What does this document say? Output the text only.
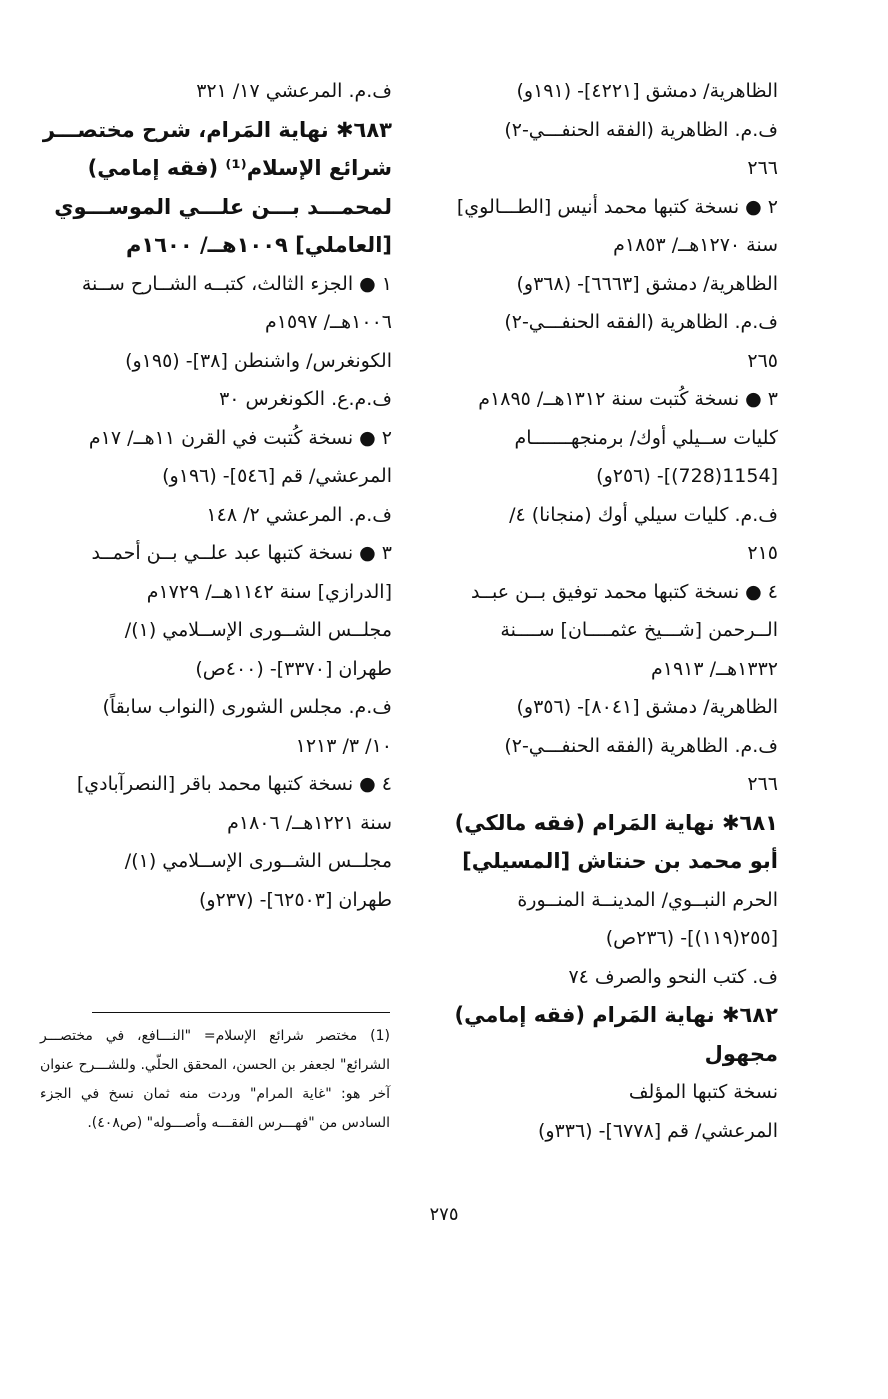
الظاهرية/ دمشق [٤٢٢١]- (١٩١و)
ف.م. الظاهرية (الفقه الحنفـــي-٢)
٢٦٦
٢ ● نسخة كتبها محمد أنيس [الطـــالوي]
سنة ١٢٧٠هــ/ ١٨٥٣م
الظاهرية/ دمشق [٦٦٦٣]- (٣٦٨و)
ف.م. الظاهرية (الفقه الحنفـــي-٢)
٢٦٥
٣ ● نسخة كُتبت سنة ١٣١٢هــ/ ١٨٩٥م
كليات ســيلي أوك/ برمنجهـــــــام
[1154(728)]- (٢٥٦و)
ف.م. كليات سيلي أوك (منجانا) ٤/
٢١٥
٤ ● نسخة كتبها محمد توفيق بــن عبــد
الــرحمن [شـــيخ عثمــــان] ســــنة
١٣٣٢هــ/ ١٩١٣م
الظاهرية/ دمشق [٨٠٤١]- (٣٥٦و)
ف.م. الظاهرية (الفقه الحنفـــي-٢)
٢٦٦
٦٨١✱ نهاية المَرام (فقه مالكي)
أبو محمد بن حنتاش [المسيلي]
الحرم النبــوي/ المدينــة المنــورة
[٢٥٥(١١٩)]- (٢٣٦ص)
ف. كتب النحو والصرف ٧٤
٦٨٢✱ نهاية المَرام (فقه إمامي)
مجهول
نسخة كتبها المؤلف
المرعشي/ قم [٦٧٧٨]- (٣٣٦و)
ف.م. المرعشي ١٧/ ٣٢١
٦٨٣✱ نهاية المَرام، شرح مختصـــر
شرائع الإسلام⁽¹⁾ (فقه إمامي)
لمحمـــد بـــن علـــي الموســـوي
[العاملي] ١٠٠٩هــ/ ١٦٠٠م
١ ● الجزء الثالث، كتبــه الشــارح ســنة
١٠٠٦هــ/ ١٥٩٧م
الكونغرس/ واشنطن [٣٨]- (١٩٥و)
ف.م.ع. الكونغرس ٣٠
٢ ● نسخة كُتبت في القرن ١١هــ/ ١٧م
المرعشي/ قم [٥٤٦]- (١٩٦و)
ف.م. المرعشي ٢/ ١٤٨
٣ ● نسخة كتبها عبد علــي بــن أحمــد
[الدرازي] سنة ١١٤٢هــ/ ١٧٢٩م
مجلــس الشــورى الإســلامي (١)/
طهران [٣٣٧٠]- (٤٠٠ص)
ف.م. مجلس الشورى (النواب سابقاً)
١٠/ ٣/ ١٢١٣
٤ ● نسخة كتبها محمد باقر [النصرآبادي]
سنة ١٢٢١هــ/ ١٨٠٦م
مجلــس الشــورى الإســلامي (١)/
طهران [٦٢٥٠٣]- (٢٣٧و)
(1) مختصر شرائع الإسلام= "النـــافع، في مختصـــر الشرائع" لجعفر بن الحسن، المحقق الحلّي. وللشـــرح عنوان آخر هو: "غاية المرام" وردت منه ثمان نسخ في الجزء السادس من "فهـــرس الفقـــه وأصـــوله" (ص٤٠٨).
٢٧٥
